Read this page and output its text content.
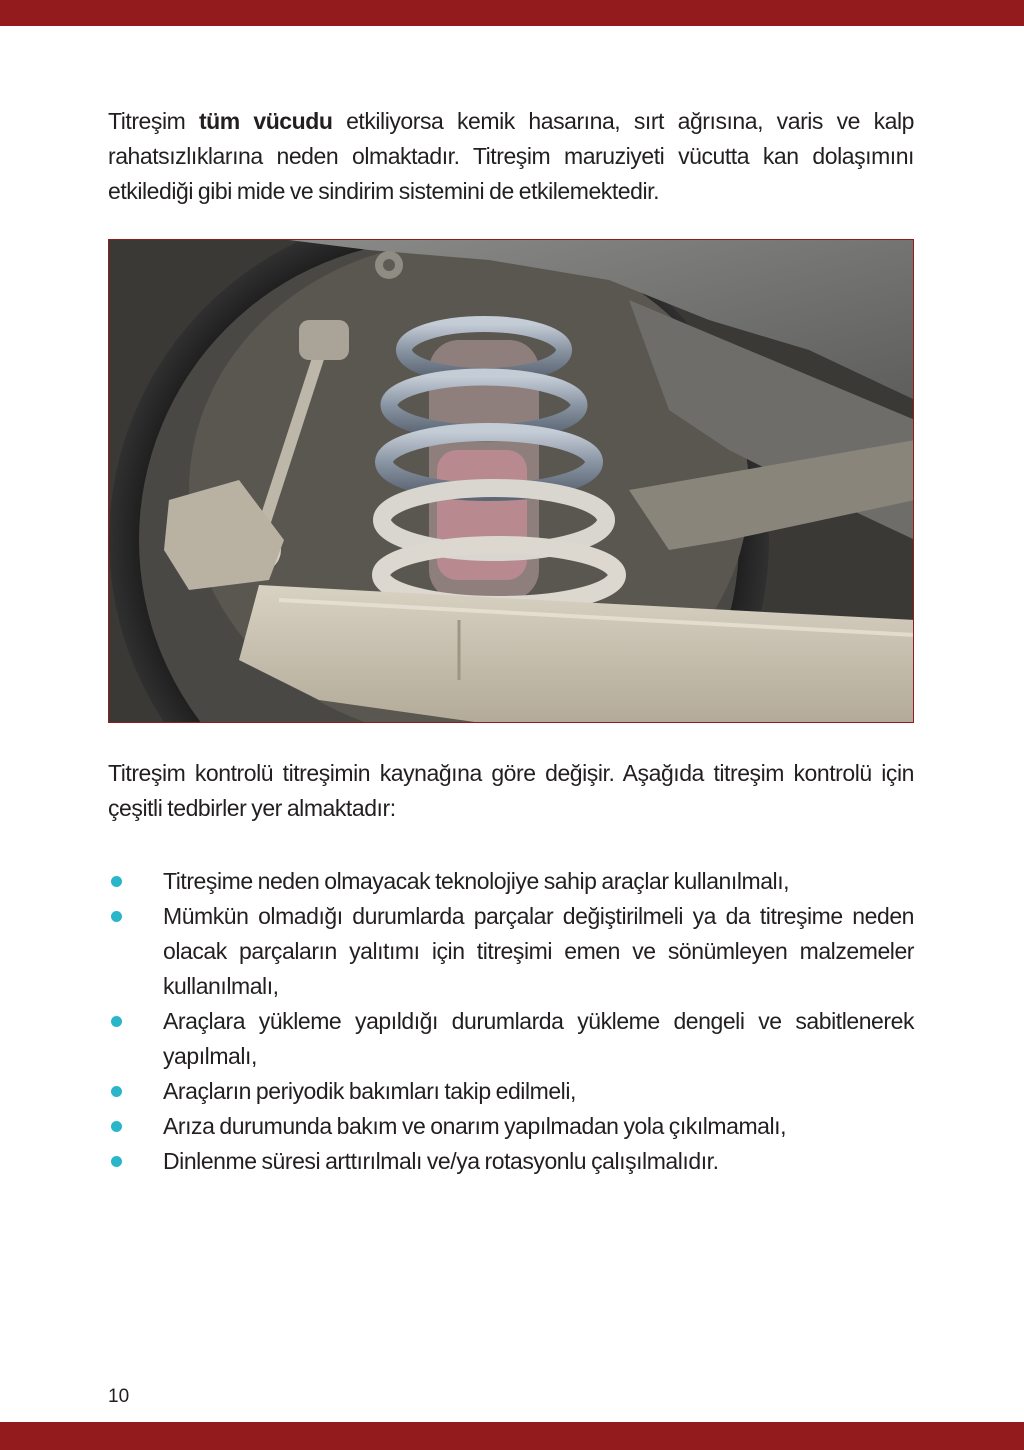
Titreşim tüm vücudu etkiliyorsa kemik hasarına, sırt ağrısına, varis ve kalp rahatsızlıklarına neden olmaktadır. Titreşim maruziyeti vücutta kan dolaşımını etkilediği gibi mide ve sindirim sistemini de etkilemektedir.

Titreşim kontrolü titreşimin kaynağına göre değişir. Aşağıda titreşim kontrolü için çeşitli tedbirler yer almaktadır:

Titreşime neden olmayacak teknolojiye sahip araçlar kullanılmalı,
Mümkün olmadığı durumlarda parçalar değiştirilmeli ya da titreşime neden olacak parçaların yalıtımı için titreşimi emen ve sönümleyen malzemeler kullanılmalı,
Araçlara yükleme yapıldığı durumlarda yükleme dengeli ve sabitlenerek yapılmalı,
Araçların periyodik bakımları takip edilmeli,
Arıza durumunda bakım ve onarım yapılmadan yola çıkılmamalı,
Dinlenme süresi arttırılmalı ve/ya rotasyonlu çalışılmalıdır.
10
